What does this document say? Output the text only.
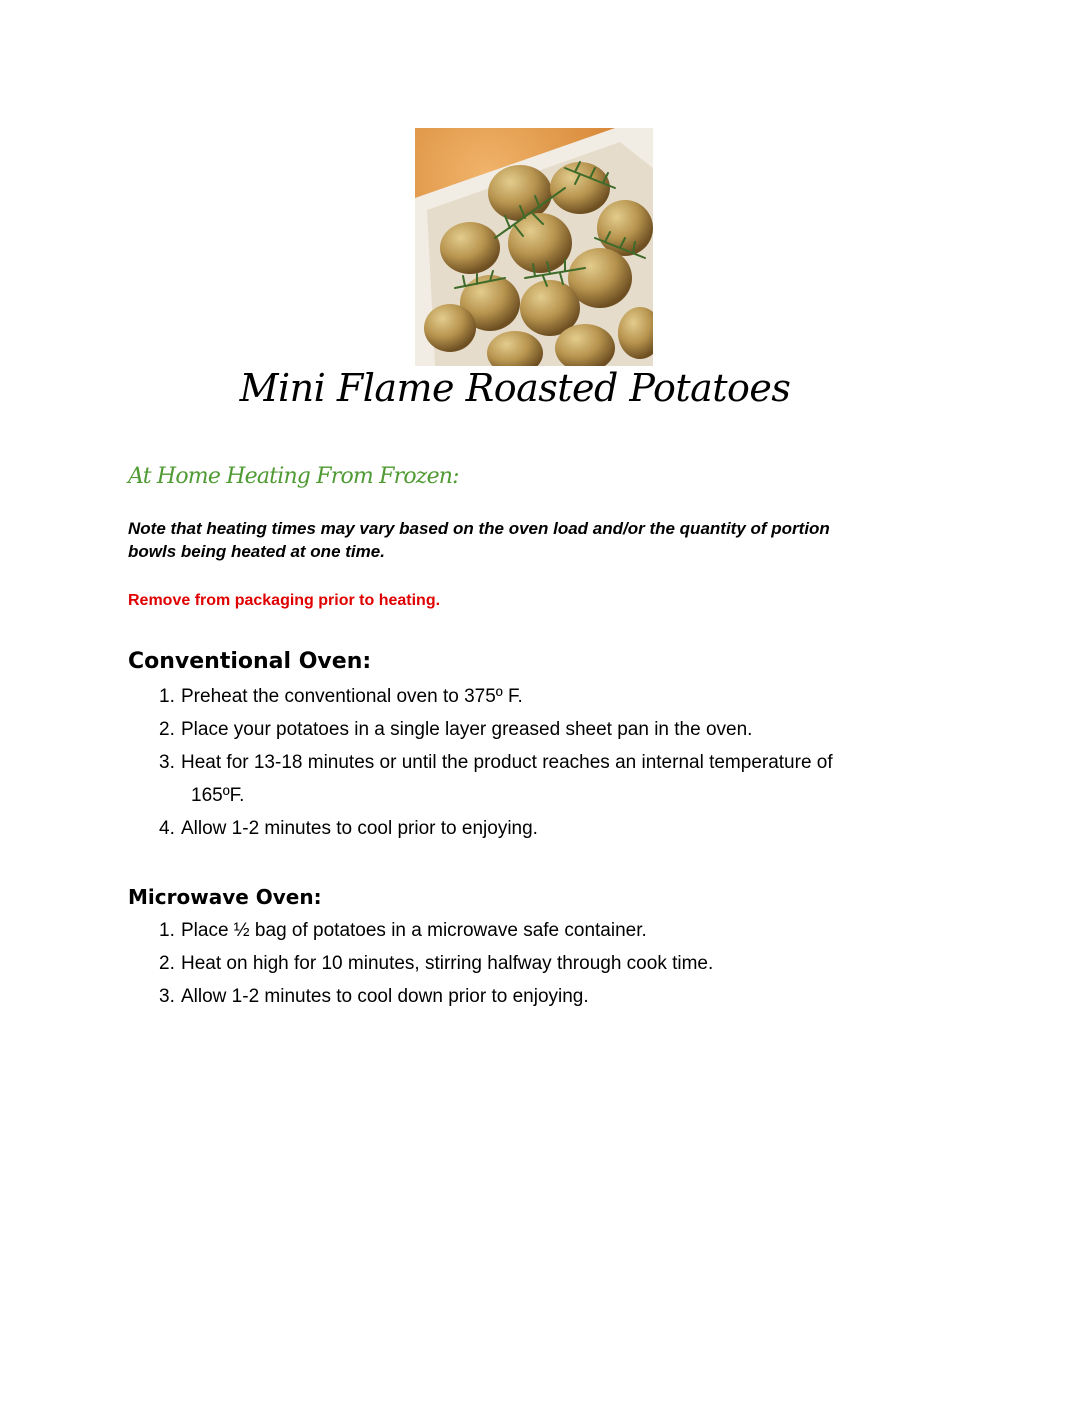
Mini Flame Roasted Potatoes
At Home Heating From Frozen:
Note that heating times may vary based on the oven load and/or the quantity of portion
bowls being heated at one time.
Remove from packaging prior to heating.
Conventional Oven:
1. Preheat the conventional oven to 375º F.
2. Place your potatoes in a single layer greased sheet pan in the oven.
3. Heat for 13-18 minutes or until the product reaches an internal temperature of
165ºF.
4. Allow 1-2 minutes to cool prior to enjoying.
Microwave Oven:
1. Place ½ bag of potatoes in a microwave safe container.
2. Heat on high for 10 minutes, stirring halfway through cook time.
3. Allow 1-2 minutes to cool down prior to enjoying.
